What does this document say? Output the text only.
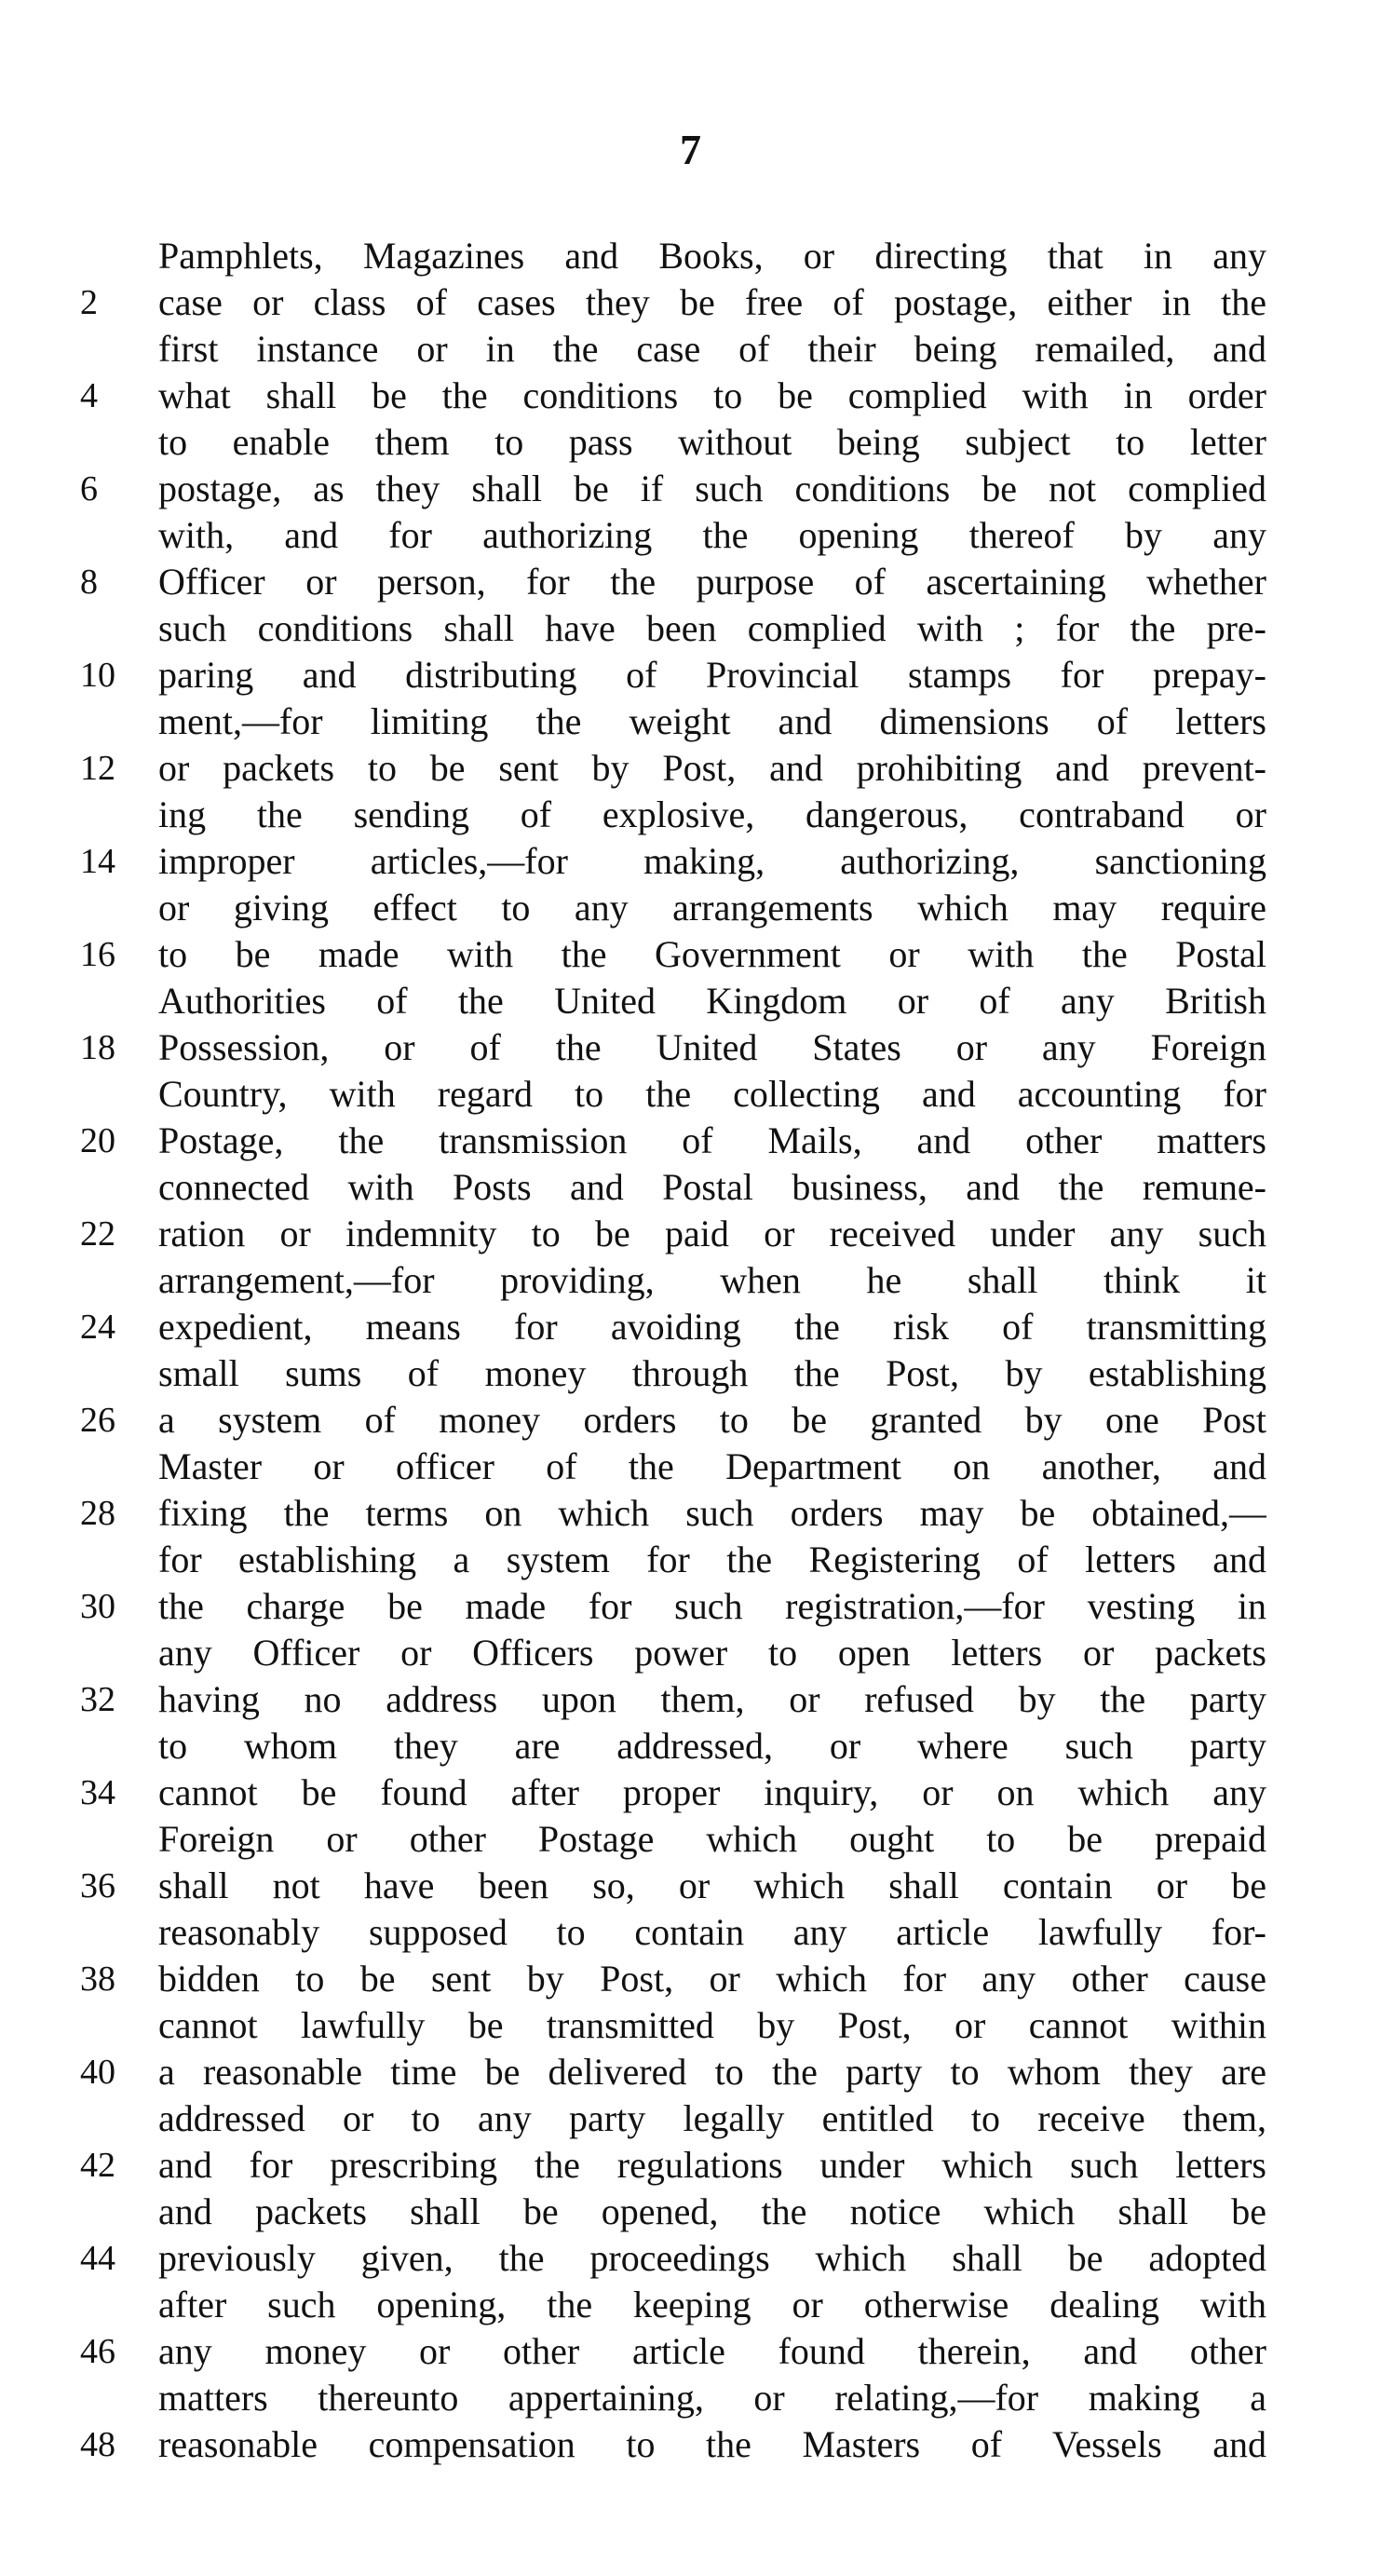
7
Pamphlets, Magazines and Books, or directing that in any
2	case or class of cases they be free of postage, either in the
first instance or in the case of their being remailed, and
4	what shall be the conditions to be complied with in order
to enable them to pass without being subject to letter
6	postage, as they shall be if such conditions be not complied
with, and for authorizing the opening thereof by any
8	Officer or person, for the purpose of ascertaining whether
such conditions shall have been complied with ; for the pre-
10	paring and distributing of Provincial stamps for prepay-
ment,—for limiting the weight and dimensions of letters
12	or packets to be sent by Post, and prohibiting and prevent-
ing the sending of explosive, dangerous, contraband or
14	improper articles,—for making, authorizing, sanctioning
or giving effect to any arrangements which may require
16	to be made with the Government or with the Postal
Authorities of the United Kingdom or of any British
18	Possession, or of the United States or any Foreign
Country, with regard to the collecting and accounting for
20	Postage, the transmission of Mails, and other matters
connected with Posts and Postal business, and the remune-
22	ration or indemnity to be paid or received under any such
arrangement,—for providing, when he shall think it
24	expedient, means for avoiding the risk of transmitting
small sums of money through the Post, by establishing
26	a system of money orders to be granted by one Post
Master or officer of the Department on another, and
28	fixing the terms on which such orders may be obtained,—
for establishing a system for the Registering of letters and
30	the charge be made for such registration,—for vesting in
any Officer or Officers power to open letters or packets
32	having no address upon them, or refused by the party
to whom they are addressed, or where such party
34	cannot be found after proper inquiry, or on which any
Foreign or other Postage which ought to be prepaid
36	shall not have been so, or which shall contain or be
reasonably supposed to contain any article lawfully for-
38	bidden to be sent by Post, or which for any other cause
cannot lawfully be transmitted by Post, or cannot within
40	a reasonable time be delivered to the party to whom they are
addressed or to any party legally entitled to receive them,
42	and for prescribing the regulations under which such letters
and packets shall be opened, the notice which shall be
44	previously given, the proceedings which shall be adopted
after such opening, the keeping or otherwise dealing with
46	any money or other article found therein, and other
matters thereunto appertaining, or relating,—for making a
48	reasonable compensation to the Masters of Vessels and
